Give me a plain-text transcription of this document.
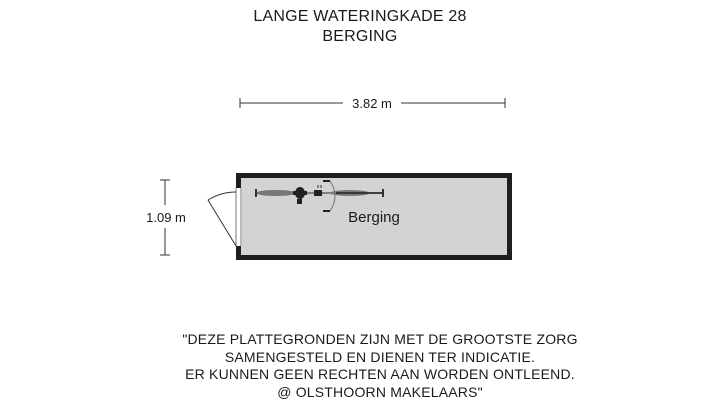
LANGE WATERINGKADE 28
BERGING
3.82 m
1.09 m	Berging
"DEZE PLATTEGRONDEN ZIJN MET DE GROOTSTE ZORG
SAMENGESTELD EN DIENEN TER INDICATIE.
ER KUNNEN GEEN RECHTEN AAN WORDEN ONTLEEND.
@ OLSTHOORN MAKELAARS"
